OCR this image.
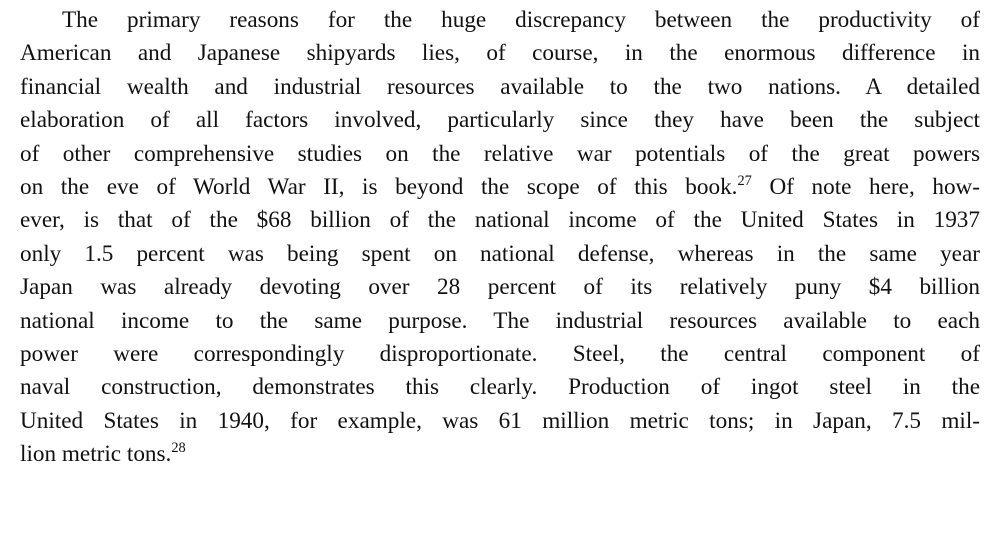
The primary reasons for the huge discrepancy between the productivity of
American and Japanese shipyards lies, of course, in the enormous difference in
financial wealth and industrial resources available to the two nations. A detailed
elaboration of all factors involved, particularly since they have been the subject
of other comprehensive studies on the relative war potentials of the great powers
on the eve of World War II, is beyond the scope of this book.$^{27}$ Of note here, how-
ever, is that of the $68 billion of the national income of the United States in 1937
only 1.5 percent was being spent on national defense, whereas in the same year
Japan was already devoting over 28 percent of its relatively puny $4 billion
national income to the same purpose. The industrial resources available to each
power were correspondingly disproportionate. Steel, the central component of
naval construction, demonstrates this clearly. Production of ingot steel in the
United States in 1940, for example, was 61 million metric tons; in Japan, 7.5 mil-
lion metric tons.$^{28}$
